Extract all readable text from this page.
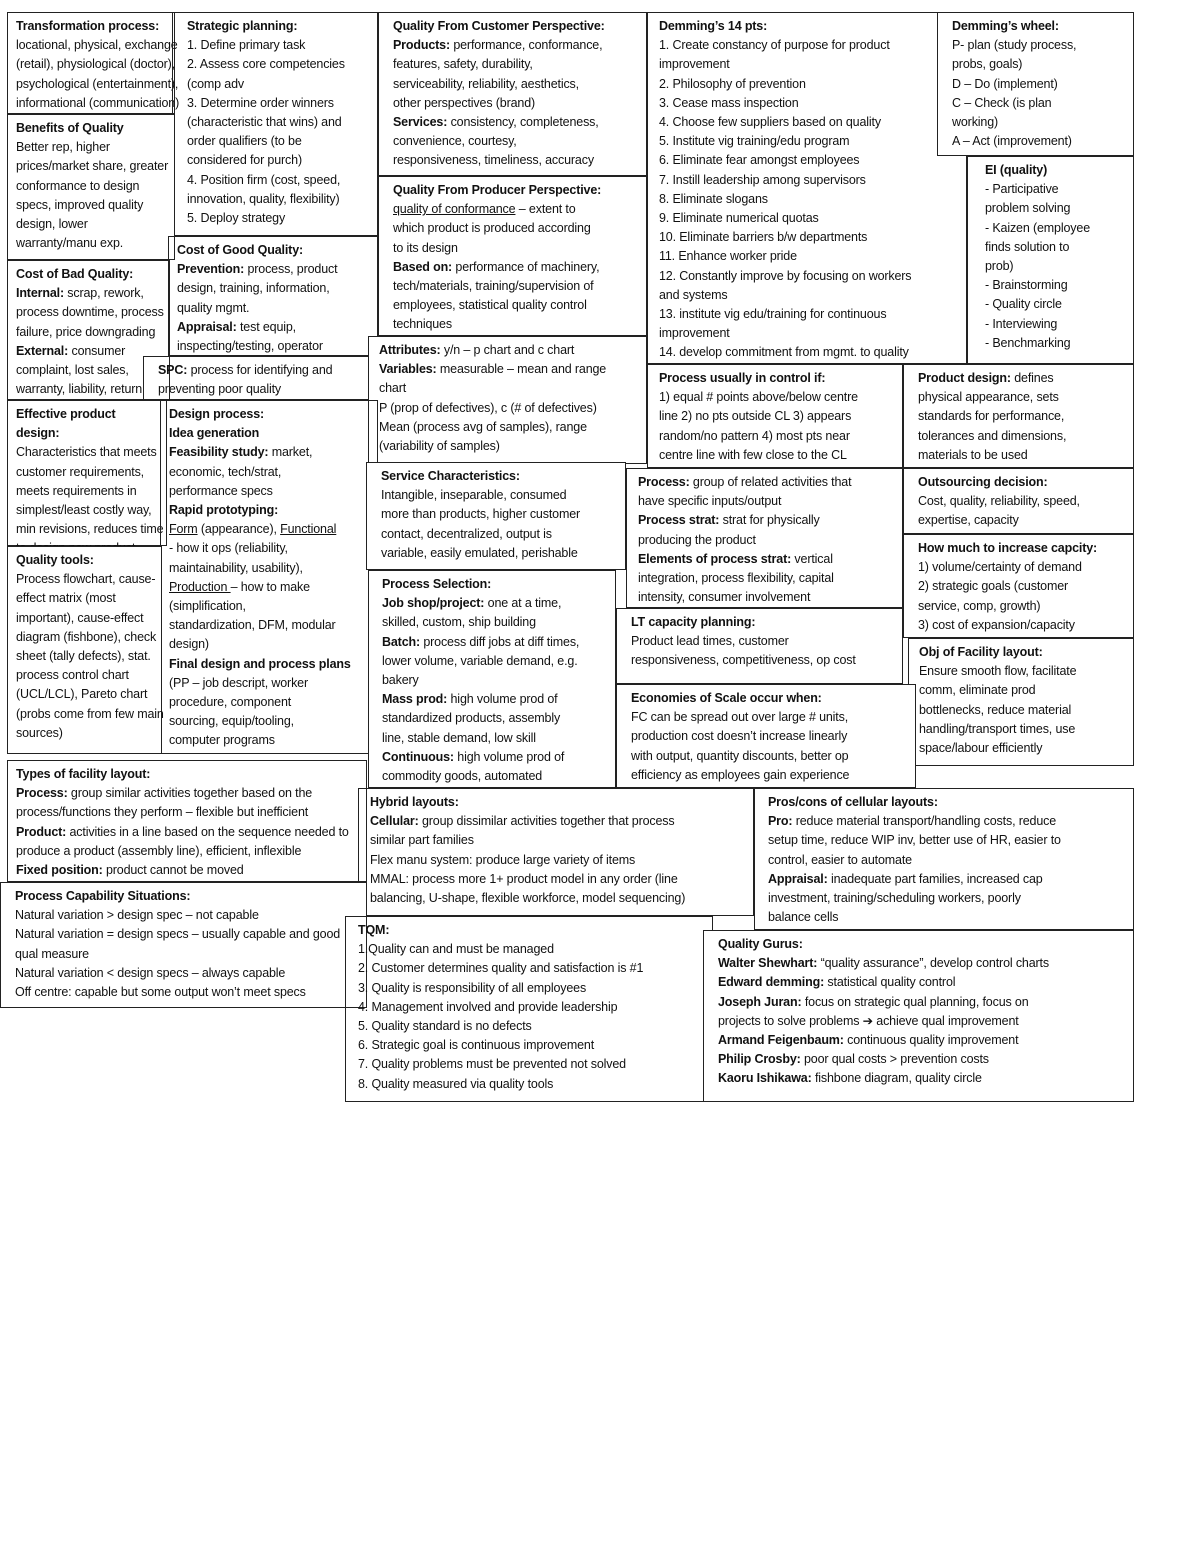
Transformation process:
locational, physical, exchange
(retail), physiological (doctor),
psychological (entertainment),
informational (communication)
Strategic planning:
1. Define primary task
2. Assess core competencies
(comp adv
3. Determine order winners
(characteristic that wins) and
order qualifiers (to be
considered for purch)
4. Position firm (cost, speed,
innovation, quality, flexibility)
5. Deploy strategy
Benefits of Quality
Better rep, higher
prices/market share, greater
conformance to design
specs, improved quality
design, lower
warranty/manu exp.
Cost of Bad Quality:
Internal: scrap, rework,
process downtime, process
failure, price downgrading
External: consumer
complaint, lost sales,
warranty, liability, return
Cost of Good Quality:
Prevention: process, product
design, training, information,
quality mgmt.
Appraisal: test equip,
inspecting/testing, operator
SPC: process for identifying and
preventing poor quality
Quality From Customer Perspective:
Products: performance, conformance,
features, safety, durability,
serviceability, reliability, aesthetics,
other perspectives (brand)
Services: consistency, completeness,
convenience, courtesy,
responsiveness, timeliness, accuracy
Quality From Producer Perspective:
quality of conformance – extent to
which product is produced according
to its design
Based on: performance of machinery,
tech/materials, training/supervision of
employees, statistical quality control
techniques
Demming’s 14 pts:
1. Create constancy of purpose for product
improvement
2. Philosophy of prevention
3. Cease mass inspection
4. Choose few suppliers based on quality
5. Institute vig training/edu program
6. Eliminate fear amongst employees
7. Instill leadership among supervisors
8. Eliminate slogans
9. Eliminate numerical quotas
10. Eliminate barriers b/w departments
11. Enhance worker pride
12. Constantly improve by focusing on workers
and systems
13. institute vig edu/training for continuous
improvement
14. develop commitment from mgmt. to quality
Demming’s wheel:
P- plan (study process,
probs, goals)
D – Do (implement)
C – Check (is plan
working)
A – Act (improvement)
EI (quality)
- Participative
problem solving
- Kaizen (employee
finds solution to
prob)
- Brainstorming
- Quality circle
- Interviewing
- Benchmarking
Attributes: y/n – p chart and c chart
Variables: measurable – mean and range
chart
P (prop of defectives), c (# of defectives)
Mean (process avg of samples), range
(variability of samples)
Effective product design:
Characteristics that meets
customer requirements,
meets requirements in
simplest/least costly way,
min revisions, reduces time
Design process:
Idea generation
Feasibility study: market,
economic, tech/strat,
performance specs
Rapid prototyping:
Form (appearance), Functional
- how it ops (reliability,
maintainability, usability),
Production – how to make
(simplification,
standardization, DFM, modular
design)
Final design and process plans
(PP – job descript, worker
procedure, component
sourcing, equip/tooling,
computer programs
Process usually in control if:
1) equal # points above/below centre
line 2) no pts outside CL 3) appears
random/no pattern 4) most pts near
centre line with few close to the CL
Product design: defines
physical appearance, sets
standards for performance,
tolerances and dimensions,
materials to be used
Service Characteristics:
Intangible, inseparable, consumed
more than products, higher customer
contact, decentralized, output is
variable, easily emulated, perishable
Process: group of related activities that
have specific inputs/output
Process strat: strat for physically
producing the product
Elements of process strat: vertical
integration, process flexibility, capital
intensity, consumer involvement
Outsourcing decision:
Cost, quality, reliability, speed,
expertise, capacity
How much to increase capcity:
1) volume/certainty of demand
2) strategic goals (customer
service, comp, growth)
3) cost of expansion/capacity
Quality tools:
Process flowchart, cause-
effect matrix (most
important), cause-effect
diagram (fishbone), check
sheet (tally defects), stat.
process control chart
(UCL/LCL), Pareto chart
(probs come from few main
sources)
Process Selection:
Job shop/project: one at a time,
skilled, custom, ship building
Batch: process diff jobs at diff times,
lower volume, variable demand, e.g.
bakery
Mass prod: high volume prod of
standardized products, assembly
line, stable demand, low skill
Continuous: high volume prod of
commodity goods, automated
LT capacity planning:
Product lead times, customer
responsiveness, competitiveness, op cost
Obj of Facility layout:
Ensure smooth flow, facilitate
comm, eliminate prod
bottlenecks, reduce material
handling/transport times, use
space/labour efficiently
Economies of Scale occur when:
FC can be spread out over large # units,
production cost doesn’t increase linearly
with output, quantity discounts, better op
efficiency as employees gain experience
Types of facility layout:
Process: group similar activities together based on the
process/functions they perform – flexible but inefficient
Product: activities in a line based on the sequence needed to
produce a product (assembly line), efficient, inflexible
Fixed position: product cannot be moved
Hybrid layouts:
Cellular: group dissimilar activities together that process
similar part families
Flex manu system: produce large variety of items
MMAL: process more 1+ product model in any order (line
balancing, U-shape, flexible workforce, model sequencing)
Pros/cons of cellular layouts:
Pro: reduce material transport/handling costs, reduce
setup time, reduce WIP inv, better use of HR, easier to
control, easier to automate
Appraisal: inadequate part families, increased cap
investment, training/scheduling workers, poorly
balance cells
Process Capability Situations:
Natural variation > design spec – not capable
Natural variation = design specs – usually capable and good
qual measure
Natural variation < design specs – always capable
Off centre: capable but some output won’t meet specs
TQM:
1.Quality can and must be managed
2. Customer determines quality and satisfaction is #1
3. Quality is responsibility of all employees
4. Management involved and provide leadership
5. Quality standard is no defects
6. Strategic goal is continuous improvement
7. Quality problems must be prevented not solved
8. Quality measured via quality tools
Quality Gurus:
Walter Shewhart: “quality assurance”, develop control charts
Edward demming: statistical quality control
Joseph Juran: focus on strategic qual planning, focus on
projects to solve problems ➔ achieve qual improvement
Armand Feigenbaum: continuous quality improvement
Philip Crosby: poor qual costs > prevention costs
Kaoru Ishikawa: fishbone diagram, quality circle
